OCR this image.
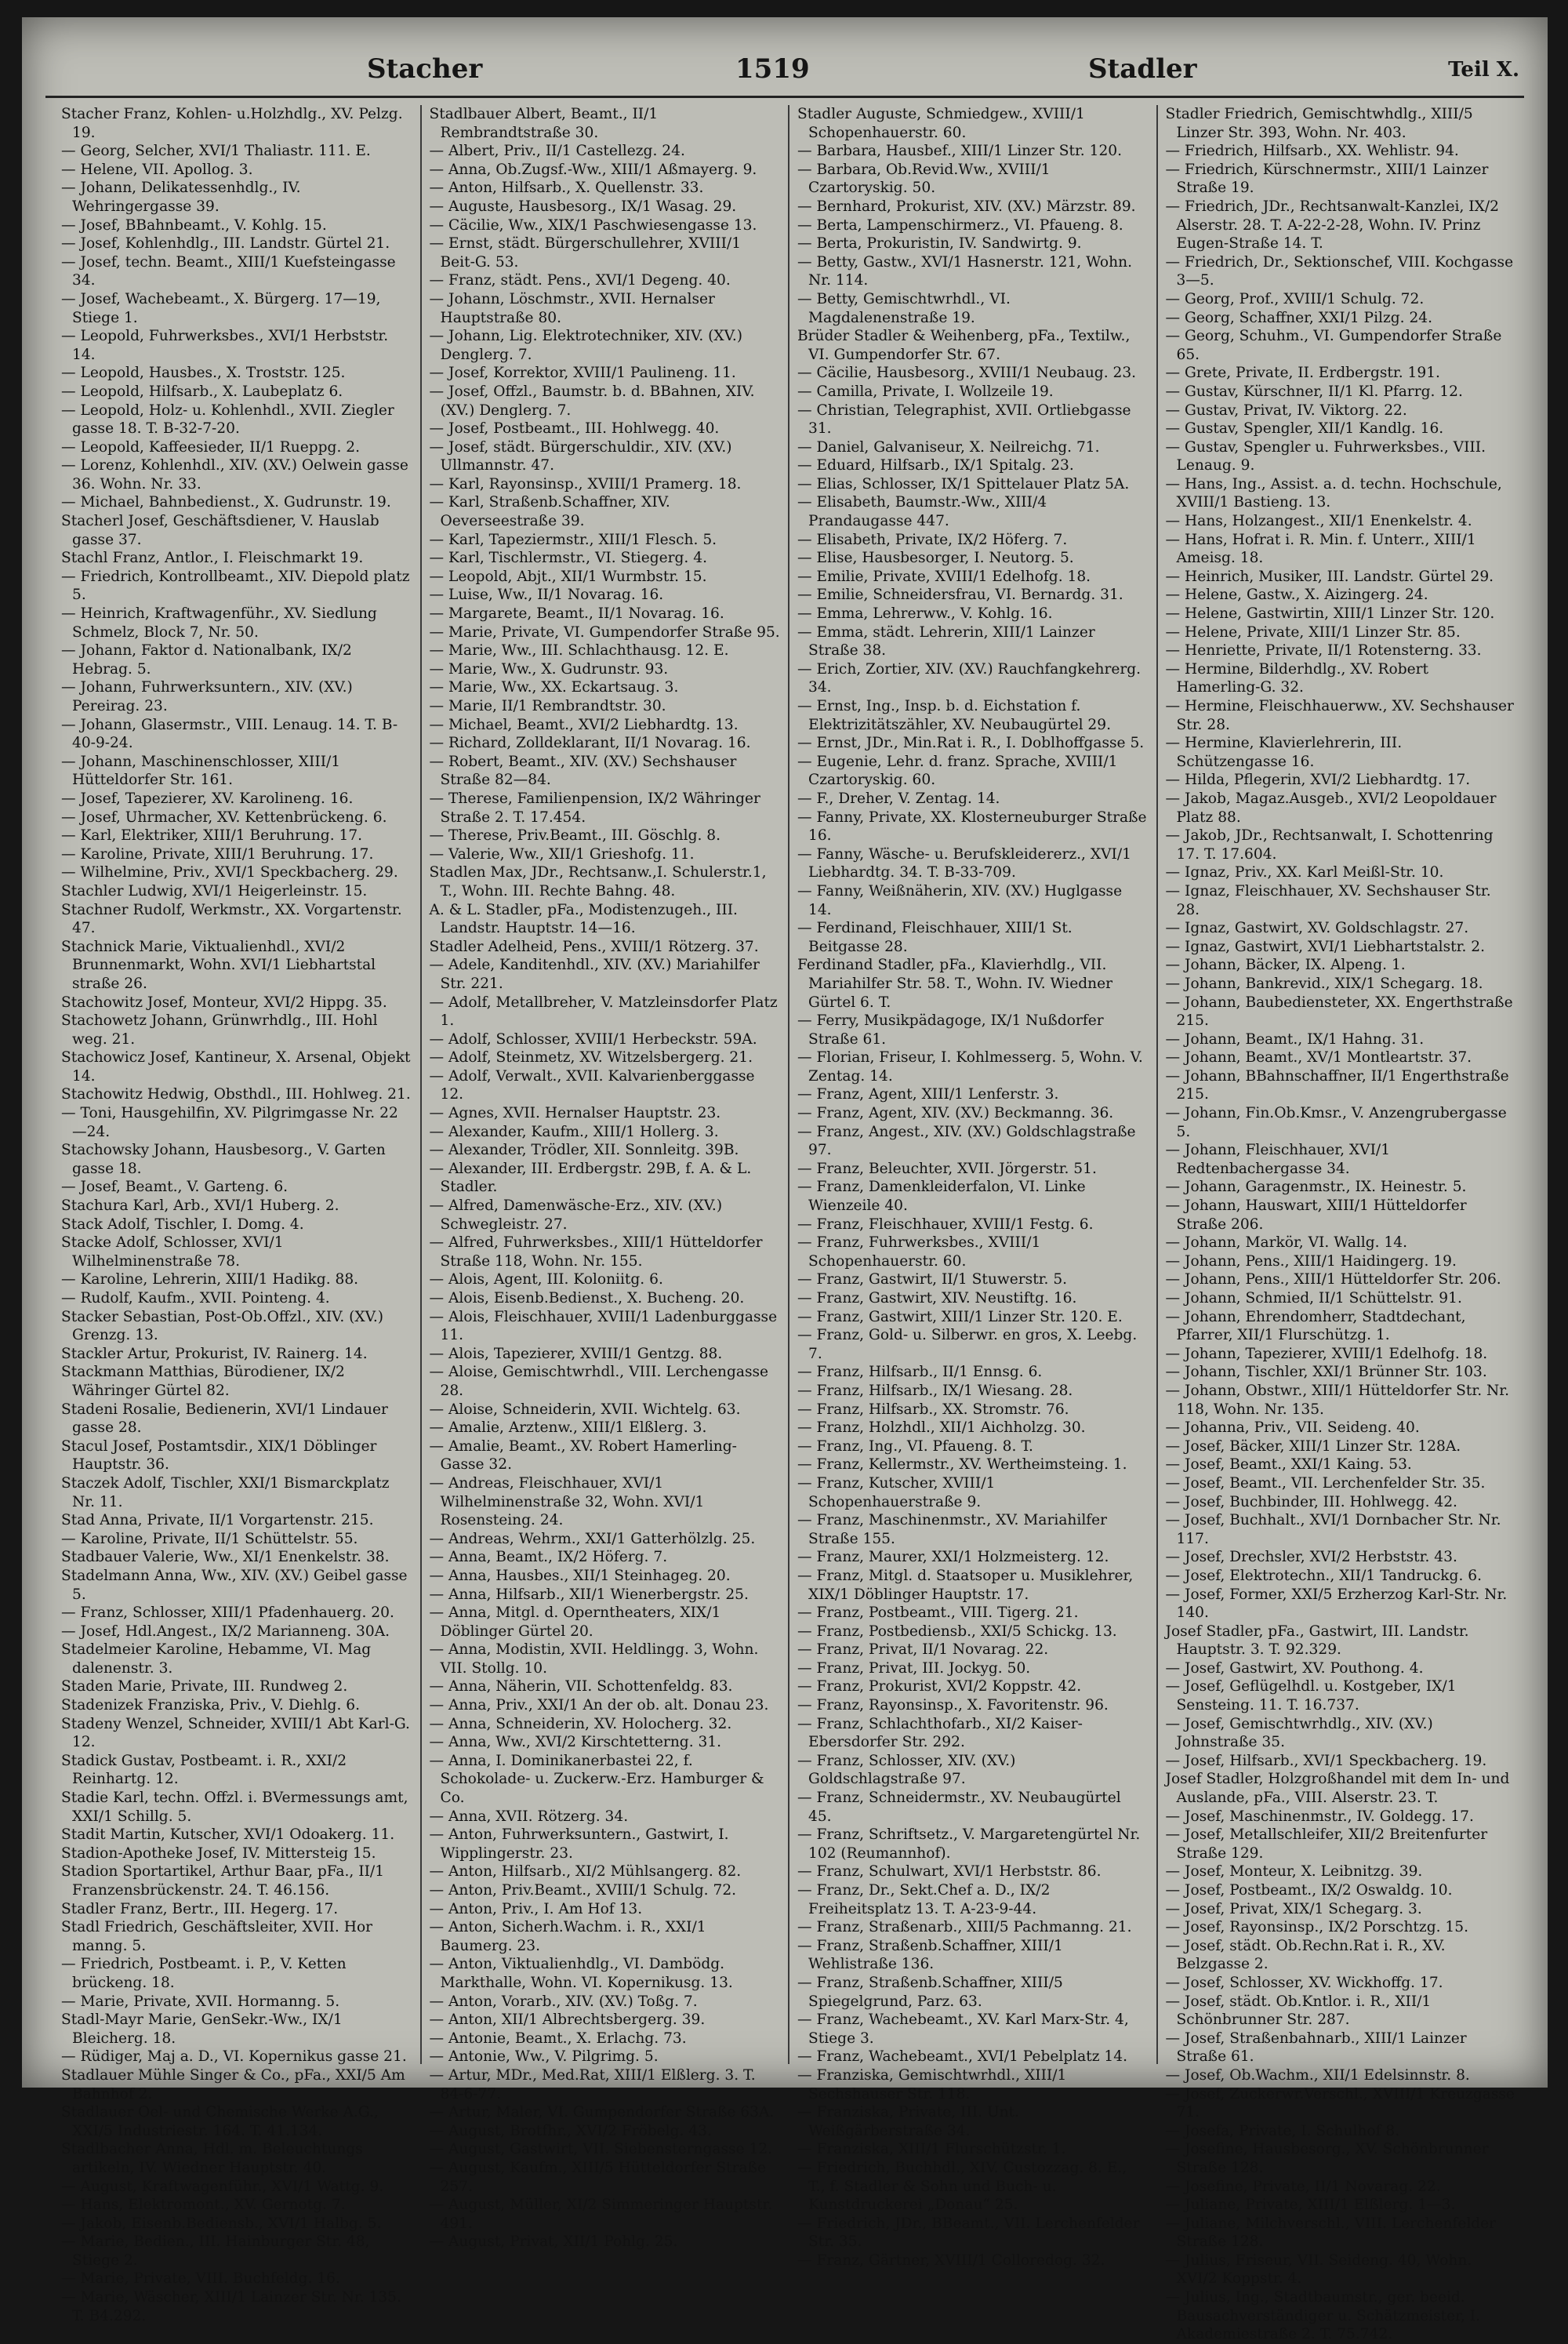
Stacher	1519	Stadler	Teil X.

Stacher Franz, Kohlen- u.Holzhdlg., XV. Pelzg. 19.

— Georg, Selcher, XVI/1 Thaliastr. 111. E.

— Helene, VII. Apollog. 3.

— Johann, Delikatessenhdlg., IV. Wehringergasse 39.

— Josef, BBahnbeamt., V. Kohlg. 15.

— Josef, Kohlenhdlg., III. Landstr. Gürtel 21.

— Josef, techn. Beamt., XIII/1 Kuefsteingasse 34.

— Josef, Wachebeamt., X. Bürgerg. 17—19, Stiege 1.

— Leopold, Fuhrwerksbes., XVI/1 Herbststr. 14.

— Leopold, Hausbes., X. Troststr. 125.

— Leopold, Hilfsarb., X. Laubeplatz 6.

— Leopold, Holz- u. Kohlenhdl., XVII. Ziegler gasse 18. T. B-32-7-20.

— Leopold, Kaffeesieder, II/1 Rueppg. 2.

— Lorenz, Kohlenhdl., XIV. (XV.) Oelwein gasse 36. Wohn. Nr. 33.

— Michael, Bahnbedienst., X. Gudrunstr. 19.

Stacherl Josef, Geschäftsdiener, V. Hauslab gasse 37.

Stachl Franz, Antlor., I. Fleischmarkt 19.

— Friedrich, Kontrollbeamt., XIV. Diepold platz 5.

— Heinrich, Kraftwagenführ., XV. Siedlung Schmelz, Block 7, Nr. 50.

— Johann, Faktor d. Nationalbank, IX/2 Hebrag. 5.

— Johann, Fuhrwerksuntern., XIV. (XV.) Pereirag. 23.

— Johann, Glasermstr., VIII. Lenaug. 14. T. B-40-9-24.

— Johann, Maschinenschlosser, XIII/1 Hütteldorfer Str. 161.

— Josef, Tapezierer, XV. Karolineng. 16.

— Josef, Uhrmacher, XV. Kettenbrückeng. 6.

— Karl, Elektriker, XIII/1 Beruhrung. 17.

— Karoline, Private, XIII/1 Beruhrung. 17.

— Wilhelmine, Priv., XVI/1 Speckbacherg. 29.

Stachler Ludwig, XVI/1 Heigerleinstr. 15.

Stachner Rudolf, Werkmstr., XX. Vorgartenstr. 47.

Stachnick Marie, Viktualienhdl., XVI/2 Brunnenmarkt, Wohn. XVI/1 Liebhartstal straße 26.

Stachowitz Josef, Monteur, XVI/2 Hippg. 35.

Stachowetz Johann, Grünwrhdlg., III. Hohl weg. 21.

Stachowicz Josef, Kantineur, X. Arsenal, Objekt 14.

Stachowitz Hedwig, Obsthdl., III. Hohlweg. 21.

— Toni, Hausgehilfin, XV. Pilgrimgasse Nr. 22—24.

Stachowsky Johann, Hausbesorg., V. Garten gasse 18.

— Josef, Beamt., V. Garteng. 6.

Stachura Karl, Arb., XVI/1 Huberg. 2.

Stack Adolf, Tischler, I. Domg. 4.

Stacke Adolf, Schlosser, XVI/1 Wilhelminenstraße 78.

— Karoline, Lehrerin, XIII/1 Hadikg. 88.

— Rudolf, Kaufm., XVII. Pointeng. 4.

Stacker Sebastian, Post-Ob.Offzl., XIV. (XV.) Grenzg. 13.

Stackler Artur, Prokurist, IV. Rainerg. 14.

Stackmann Matthias, Bürodiener, IX/2 Währinger Gürtel 82.

Stadeni Rosalie, Bedienerin, XVI/1 Lindauer gasse 28.

Stacul Josef, Postamtsdir., XIX/1 Döblinger Hauptstr. 36.

Staczek Adolf, Tischler, XXI/1 Bismarckplatz Nr. 11.

Stad Anna, Private, II/1 Vorgartenstr. 215.

— Karoline, Private, II/1 Schüttelstr. 55.

Stadbauer Valerie, Ww., XI/1 Enenkelstr. 38.

Stadelmann Anna, Ww., XIV. (XV.) Geibel gasse 5.

— Franz, Schlosser, XIII/1 Pfadenhauerg. 20.

— Josef, Hdl.Angest., IX/2 Marianneng. 30A.

Stadelmeier Karoline, Hebamme, VI. Mag dalenenstr. 3.

Staden Marie, Private, III. Rundweg 2.

Stadenizek Franziska, Priv., V. Diehlg. 6.

Stadeny Wenzel, Schneider, XVIII/1 Abt Karl-G. 12.

Stadick Gustav, Postbeamt. i. R., XXI/2 Reinhartg. 12.

Stadie Karl, techn. Offzl. i. BVermessungs amt, XXI/1 Schillg. 5.

Stadit Martin, Kutscher, XVI/1 Odoakerg. 11.

Stadion-Apotheke Josef, IV. Mittersteig 15.

Stadion Sportartikel, Arthur Baar, pFa., II/1 Franzensbrückenstr. 24. T. 46.156.

Stadler Franz, Bertr., III. Hegerg. 17.

Stadl Friedrich, Geschäftsleiter, XVII. Hor manng. 5.

— Friedrich, Postbeamt. i. P., V. Ketten brückeng. 18.

— Marie, Private, XVII. Hormanng. 5.

Stadl-Mayr Marie, GenSekr.-Ww., IX/1 Bleicherg. 18.

— Rüdiger, Maj a. D., VI. Kopernikus gasse 21.

Stadlauer Mühle Singer & Co., pFa., XXI/5 Am Bahnhof 2.

Stadlauer Oel- und Chemische Werke A.G., XXI/5 Industriestr. 164. T. 41.134.

Stadlbacher Anna, Hdl. m. Beleuchtungs artikeln, IV. Wiedner Hauptstr. 40.

— August, Kraftwagenführ., XVI/1 Wattg. 9.

— Hans, Elektromont., XV. Gernotg. 7.

— Jakob, Eisenb.Bediensb., XVI/1 Halbg. 5.

— Marie, Bedien., III. Hainburger Str. 48, Stiege 2.

— Marie, Private, VIII. Buchfeldg. 16.

— Marie, Wäscher, XIII/1 Lainzer Str. Nr. 135. T. B4.292.

Stadlbauer Albert, Beamt., II/1 Rembrandtstraße 30.

— Albert, Priv., II/1 Castellezg. 24.

— Anna, Ob.Zugsf.-Ww., XIII/1 Aßmayerg. 9.

— Anton, Hilfsarb., X. Quellenstr. 33.

— Auguste, Hausbesorg., IX/1 Wasag. 29.

— Cäcilie, Ww., XIX/1 Paschwiesengasse 13.

— Ernst, städt. Bürgerschullehrer, XVIII/1 Beit-G. 53.

— Franz, städt. Pens., XVI/1 Degeng. 40.

— Johann, Löschmstr., XVII. Hernalser Hauptstraße 80.

— Johann, Lig. Elektrotechniker, XIV. (XV.) Denglerg. 7.

— Josef, Korrektor, XVIII/1 Paulineng. 11.

— Josef, Offzl., Baumstr. b. d. BBahnen, XIV. (XV.) Denglerg. 7.

— Josef, Postbeamt., III. Hohlwegg. 40.

— Josef, städt. Bürgerschuldir., XIV. (XV.) Ullmannstr. 47.

— Karl, Rayonsinsp., XVIII/1 Pramerg. 18.

— Karl, Straßenb.Schaffner, XIV. Oeverseestraße 39.

— Karl, Tapeziermstr., XIII/1 Flesch. 5.

— Karl, Tischlermstr., VI. Stiegerg. 4.

— Leopold, Abjt., XII/1 Wurmbstr. 15.

— Luise, Ww., II/1 Novarag. 16.

— Margarete, Beamt., II/1 Novarag. 16.

— Marie, Private, VI. Gumpendorfer Straße 95.

— Marie, Ww., III. Schlachthausg. 12. E.

— Marie, Ww., X. Gudrunstr. 93.

— Marie, Ww., XX. Eckartsaug. 3.

— Marie, II/1 Rembrandtstr. 30.

— Michael, Beamt., XVI/2 Liebhardtg. 13.

— Richard, Zolldeklarant, II/1 Novarag. 16.

— Robert, Beamt., XIV. (XV.) Sechshauser Straße 82—84.

— Therese, Familienpension, IX/2 Währinger Straße 2. T. 17.454.

— Therese, Priv.Beamt., III. Göschlg. 8.

— Valerie, Ww., XII/1 Grieshofg. 11.

Stadlen Max, JDr., Rechtsanw.,I. Schulerstr.1, T., Wohn. III. Rechte Bahng. 48.

A. & L. Stadler, pFa., Modistenzugeh., III. Landstr. Hauptstr. 14—16.

Stadler Adelheid, Pens., XVIII/1 Rötzerg. 37.

— Adele, Kanditenhdl., XIV. (XV.) Mariahilfer Str. 221.

— Adolf, Metallbreher, V. Matzleinsdorfer Platz 1.

— Adolf, Schlosser, XVIII/1 Herbeckstr. 59A.

— Adolf, Steinmetz, XV. Witzelsbergerg. 21.

— Adolf, Verwalt., XVII. Kalvarienberggasse 12.

— Agnes, XVII. Hernalser Hauptstr. 23.

— Alexander, Kaufm., XIII/1 Hollerg. 3.

— Alexander, Trödler, XII. Sonnleitg. 39B.

— Alexander, III. Erdbergstr. 29B, f. A. & L. Stadler.

— Alfred, Damenwäsche-Erz., XIV. (XV.) Schwegleistr. 27.

— Alfred, Fuhrwerksbes., XIII/1 Hütteldorfer Straße 118, Wohn. Nr. 155.

— Alois, Agent, III. Koloniitg. 6.

— Alois, Eisenb.Bedienst., X. Bucheng. 20.

— Alois, Fleischhauer, XVIII/1 Ladenburggasse 11.

— Alois, Tapezierer, XVIII/1 Gentzg. 88.

— Aloise, Gemischtwrhdl., VIII. Lerchengasse 28.

— Aloise, Schneiderin, XVII. Wichtelg. 63.

— Amalie, Arztenw., XIII/1 Elßlerg. 3.

— Amalie, Beamt., XV. Robert Hamerling-Gasse 32.

— Andreas, Fleischhauer, XVI/1 Wilhelminenstraße 32, Wohn. XVI/1 Rosensteing. 24.

— Andreas, Wehrm., XXI/1 Gatterhölzlg. 25.

— Anna, Beamt., IX/2 Höferg. 7.

— Anna, Hausbes., XII/1 Steinhageg. 20.

— Anna, Hilfsarb., XII/1 Wienerbergstr. 25.

— Anna, Mitgl. d. Operntheaters, XIX/1 Döblinger Gürtel 20.

— Anna, Modistin, XVII. Heldlingg. 3, Wohn. VII. Stollg. 10.

— Anna, Näherin, VII. Schottenfeldg. 83.

— Anna, Priv., XXI/1 An der ob. alt. Donau 23.

— Anna, Schneiderin, XV. Holocherg. 32.

— Anna, Ww., XVI/2 Kirschtetterng. 31.

— Anna, I. Dominikanerbastei 22, f. Schokolade- u. Zuckerw.-Erz. Hamburger & Co.

— Anna, XVII. Rötzerg. 34.

— Anton, Fuhrwerksuntern., Gastwirt, I. Wipplingerstr. 23.

— Anton, Hilfsarb., XI/2 Mühlsangerg. 82.

— Anton, Priv.Beamt., XVIII/1 Schulg. 72.

— Anton, Priv., I. Am Hof 13.

— Anton, Sicherh.Wachm. i. R., XXI/1 Baumerg. 23.

— Anton, Viktualienhdlg., VI. Dambödg. Markthalle, Wohn. VI. Kopernikusg. 13.

— Anton, Vorarb., XIV. (XV.) Toßg. 7.

— Anton, XII/1 Albrechtsbergerg. 39.

— Antonie, Beamt., X. Erlachg. 73.

— Antonie, Ww., V. Pilgrimg. 5.

— Artur, MDr., Med.Rat, XIII/1 Elßlerg. 3. T. 84-6-77.

— Artur, Maler, VI. Gumpendorfer Straße 63A.

— August, Brotfhr., XVI/2 Fröbelg. 43.

— August, Gastwirt, VII. Siebensterngasse 12.

— August, Kaufm., XIII/5 Hütteldorfer Straße 257.

— August, Müller, XI/2 Simmeringer Hauptstr. 491.

— August, Privat, XII/1 Pohlg. 25.

Stadler Auguste, Schmiedgew., XVIII/1 Schopenhauerstr. 60.

— Barbara, Hausbef., XIII/1 Linzer Str. 120.

— Barbara, Ob.Revid.Ww., XVIII/1 Czartoryskig. 50.

— Bernhard, Prokurist, XIV. (XV.) Märzstr. 89.

— Berta, Lampenschirmerz., VI. Pfaueng. 8.

— Berta, Prokuristin, IV. Sandwirtg. 9.

— Betty, Gastw., XVI/1 Hasnerstr. 121, Wohn. Nr. 114.

— Betty, Gemischtwrhdl., VI. Magdalenenstraße 19.

Brüder Stadler & Weihenberg, pFa., Textilw., VI. Gumpendorfer Str. 67.

— Cäcilie, Hausbesorg., XVIII/1 Neubaug. 23.

— Camilla, Private, I. Wollzeile 19.

— Christian, Telegraphist, XVII. Ortliebgasse 31.

— Daniel, Galvaniseur, X. Neilreichg. 71.

— Eduard, Hilfsarb., IX/1 Spitalg. 23.

— Elias, Schlosser, IX/1 Spittelauer Platz 5A.

— Elisabeth, Baumstr.-Ww., XIII/4 Prandaugasse 447.

— Elisabeth, Private, IX/2 Höferg. 7.

— Elise, Hausbesorger, I. Neutorg. 5.

— Emilie, Private, XVIII/1 Edelhofg. 18.

— Emilie, Schneidersfrau, VI. Bernardg. 31.

— Emma, Lehrerww., V. Kohlg. 16.

— Emma, städt. Lehrerin, XIII/1 Lainzer Straße 38.

— Erich, Zortier, XIV. (XV.) Rauchfangkehrerg. 34.

— Ernst, Ing., Insp. b. d. Eichstation f. Elektrizitätszähler, XV. Neubaugürtel 29.

— Ernst, JDr., Min.Rat i. R., I. Doblhoffgasse 5.

— Eugenie, Lehr. d. franz. Sprache, XVIII/1 Czartoryskig. 60.

— F., Dreher, V. Zentag. 14.

— Fanny, Private, XX. Klosterneuburger Straße 16.

— Fanny, Wäsche- u. Berufskleidererz., XVI/1 Liebhardtg. 34. T. B-33-709.

— Fanny, Weißnäherin, XIV. (XV.) Huglgasse 14.

— Ferdinand, Fleischhauer, XIII/1 St. Beitgasse 28.

Ferdinand Stadler, pFa., Klavierhdlg., VII. Mariahilfer Str. 58. T., Wohn. IV. Wiedner Gürtel 6. T.

— Ferry, Musikpädagoge, IX/1 Nußdorfer Straße 61.

— Florian, Friseur, I. Kohlmesserg. 5, Wohn. V. Zentag. 14.

— Franz, Agent, XIII/1 Lenferstr. 3.

— Franz, Agent, XIV. (XV.) Beckmanng. 36.

— Franz, Angest., XIV. (XV.) Goldschlagstraße 97.

— Franz, Beleuchter, XVII. Jörgerstr. 51.

— Franz, Damenkleiderfalon, VI. Linke Wienzeile 40.

— Franz, Fleischhauer, XVIII/1 Festg. 6.

— Franz, Fuhrwerksbes., XVIII/1 Schopenhauerstr. 60.

— Franz, Gastwirt, II/1 Stuwerstr. 5.

— Franz, Gastwirt, XIV. Neustiftg. 16.

— Franz, Gastwirt, XIII/1 Linzer Str. 120. E.

— Franz, Gold- u. Silberwr. en gros, X. Leebg. 7.

— Franz, Hilfsarb., II/1 Ennsg. 6.

— Franz, Hilfsarb., IX/1 Wiesang. 28.

— Franz, Hilfsarb., XX. Stromstr. 76.

— Franz, Holzhdl., XII/1 Aichholzg. 30.

— Franz, Ing., VI. Pfaueng. 8. T.

— Franz, Kellermstr., XV. Wertheimsteing. 1.

— Franz, Kutscher, XVIII/1 Schopenhauerstraße 9.

— Franz, Maschinenmstr., XV. Mariahilfer Straße 155.

— Franz, Maurer, XXI/1 Holzmeisterg. 12.

— Franz, Mitgl. d. Staatsoper u. Musiklehrer, XIX/1 Döblinger Hauptstr. 17.

— Franz, Postbeamt., VIII. Tigerg. 21.

— Franz, Postbediensb., XXI/5 Schickg. 13.

— Franz, Privat, II/1 Novarag. 22.

— Franz, Privat, III. Jockyg. 50.

— Franz, Prokurist, XVI/2 Koppstr. 42.

— Franz, Rayonsinsp., X. Favoritenstr. 96.

— Franz, Schlachthofarb., XI/2 Kaiser-Ebersdorfer Str. 292.

— Franz, Schlosser, XIV. (XV.) Goldschlagstraße 97.

— Franz, Schneidermstr., XV. Neubaugürtel 45.

— Franz, Schriftsetz., V. Margaretengürtel Nr. 102 (Reumannhof).

— Franz, Schulwart, XVI/1 Herbststr. 86.

— Franz, Dr., Sekt.Chef a. D., IX/2 Freiheitsplatz 13. T. A-23-9-44.

— Franz, Straßenarb., XIII/5 Pachmanng. 21.

— Franz, Straßenb.Schaffner, XIII/1 Wehlistraße 136.

— Franz, Straßenb.Schaffner, XIII/5 Spiegelgrund, Parz. 63.

— Franz, Wachebeamt., XV. Karl Marx-Str. 4, Stiege 3.

— Franz, Wachebeamt., XVI/1 Pebelplatz 14.

— Franziska, Gemischtwrhdl., XIII/1 Sechshauser Str. 118.

— Franziska, Private, III. Unt. Weißgärberstraße 34.

— Franziska, XIII/1 Flurschützstr. 1.

— Friedrich, Buchhdl., XIV. Custozzag. 8. E., T., f. Stadler & Sohn und Buch- u. Kunstdruckerei „Donau“ 25.

— Friedrich, JDr., BBeamt., VII. Lerchenfelder Str. 35.

— Franz, Gärtner, XVIII/1 Colloredog. 32.

Stadler Friedrich, Gemischtwhdlg., XIII/5 Linzer Str. 393, Wohn. Nr. 403.

— Friedrich, Hilfsarb., XX. Wehlistr. 94.

— Friedrich, Kürschnermstr., XIII/1 Lainzer Straße 19.

— Friedrich, JDr., Rechtsanwalt-Kanzlei, IX/2 Alserstr. 28. T. A-22-2-28, Wohn. IV. Prinz Eugen-Straße 14. T.

— Friedrich, Dr., Sektionschef, VIII. Kochgasse 3—5.

— Georg, Prof., XVIII/1 Schulg. 72.

— Georg, Schaffner, XXI/1 Pilzg. 24.

— Georg, Schuhm., VI. Gumpendorfer Straße 65.

— Grete, Private, II. Erdbergstr. 191.

— Gustav, Kürschner, II/1 Kl. Pfarrg. 12.

— Gustav, Privat, IV. Viktorg. 22.

— Gustav, Spengler, XII/1 Kandlg. 16.

— Gustav, Spengler u. Fuhrwerksbes., VIII. Lenaug. 9.

— Hans, Ing., Assist. a. d. techn. Hochschule, XVIII/1 Bastieng. 13.

— Hans, Holzangest., XII/1 Enenkelstr. 4.

— Hans, Hofrat i. R. Min. f. Unterr., XIII/1 Ameisg. 18.

— Heinrich, Musiker, III. Landstr. Gürtel 29.

— Helene, Gastw., X. Aizingerg. 24.

— Helene, Gastwirtin, XIII/1 Linzer Str. 120.

— Helene, Private, XIII/1 Linzer Str. 85.

— Henriette, Private, II/1 Rotensterng. 33.

— Hermine, Bilderhdlg., XV. Robert Hamerling-G. 32.

— Hermine, Fleischhauerww., XV. Sechshauser Str. 28.

— Hermine, Klavierlehrerin, III. Schützengasse 16.

— Hilda, Pflegerin, XVI/2 Liebhardtg. 17.

— Jakob, Magaz.Ausgeb., XVI/2 Leopoldauer Platz 88.

— Jakob, JDr., Rechtsanwalt, I. Schottenring 17. T. 17.604.

— Ignaz, Priv., XX. Karl Meißl-Str. 10.

— Ignaz, Fleischhauer, XV. Sechshauser Str. 28.

— Ignaz, Gastwirt, XV. Goldschlagstr. 27.

— Ignaz, Gastwirt, XVI/1 Liebhartstalstr. 2.

— Johann, Bäcker, IX. Alpeng. 1.

— Johann, Bankrevid., XIX/1 Schegarg. 18.

— Johann, Baubediensteter, XX. Engerthstraße 215.

— Johann, Beamt., IX/1 Hahng. 31.

— Johann, Beamt., XV/1 Montleartstr. 37.

— Johann, BBahnschaffner, II/1 Engerthstraße 215.

— Johann, Fin.Ob.Kmsr., V. Anzengrubergasse 5.

— Johann, Fleischhauer, XVI/1 Redtenbachergasse 34.

— Johann, Garagenmstr., IX. Heinestr. 5.

— Johann, Hauswart, XIII/1 Hütteldorfer Straße 206.

— Johann, Markör, VI. Wallg. 14.

— Johann, Pens., XIII/1 Haidingerg. 19.

— Johann, Pens., XIII/1 Hütteldorfer Str. 206.

— Johann, Schmied, II/1 Schüttelstr. 91.

— Johann, Ehrendomherr, Stadtdechant, Pfarrer, XII/1 Flurschützg. 1.

— Johann, Tapezierer, XVIII/1 Edelhofg. 18.

— Johann, Tischler, XXI/1 Brünner Str. 103.

— Johann, Obstwr., XIII/1 Hütteldorfer Str. Nr. 118, Wohn. Nr. 135.

— Johanna, Priv., VII. Seideng. 40.

— Josef, Bäcker, XIII/1 Linzer Str. 128A.

— Josef, Beamt., XXI/1 Kaing. 53.

— Josef, Beamt., VII. Lerchenfelder Str. 35.

— Josef, Buchbinder, III. Hohlwegg. 42.

— Josef, Buchhalt., XVI/1 Dornbacher Str. Nr. 117.

— Josef, Drechsler, XVI/2 Herbststr. 43.

— Josef, Elektrotechn., XII/1 Tandruckg. 6.

— Josef, Former, XXI/5 Erzherzog Karl-Str. Nr. 140.

Josef Stadler, pFa., Gastwirt, III. Landstr. Hauptstr. 3. T. 92.329.

— Josef, Gastwirt, XV. Pouthong. 4.

— Josef, Geflügelhdl. u. Kostgeber, IX/1 Sensteing. 11. T. 16.737.

— Josef, Gemischtwrhdlg., XIV. (XV.) Johnstraße 35.

— Josef, Hilfsarb., XVI/1 Speckbacherg. 19.

Josef Stadler, Holzgroßhandel mit dem In- und Auslande, pFa., VIII. Alserstr. 23. T.

— Josef, Maschinenmstr., IV. Goldegg. 17.

— Josef, Metallschleifer, XII/2 Breitenfurter Straße 129.

— Josef, Monteur, X. Leibnitzg. 39.

— Josef, Postbeamt., IX/2 Oswaldg. 10.

— Josef, Privat, XIX/1 Schegarg. 3.

— Josef, Rayonsinsp., IX/2 Porschtzg. 15.

— Josef, städt. Ob.Rechn.Rat i. R., XV. Belzgasse 2.

— Josef, Schlosser, XV. Wickhoffg. 17.

— Josef, städt. Ob.Kntlor. i. R., XII/1 Schönbrunner Str. 287.

— Josef, Straßenbahnarb., XIII/1 Lainzer Straße 61.

— Josef, Ob.Wachm., XII/1 Edelsinnstr. 8.

— Josef, Zuckerwr.Verschl., XVIII/1 Kreuzgasse 71.

— Josefa, Private, I. Schulhof 8.

— Josefine, Hausbesorg., XV. Schönbrunner Straße 128.

— Josefine, Private, II/1 Novarag. 22.

— Juliane, Private, XIII/1 Elßlerg. 1—3.

— Juliane, Milchverschl., VIII. Lerchenfelder Straße 128.

— Julius, Friseur, VII. Seideng. 40, Wohn. XVI/2 Koppstr. 4.

— Julius, Ing., Stadtbaumstr., ger. beeid. Bausachverständiger u. Schätzmeister, I. Akademiestraße 2. T. 75.742.
